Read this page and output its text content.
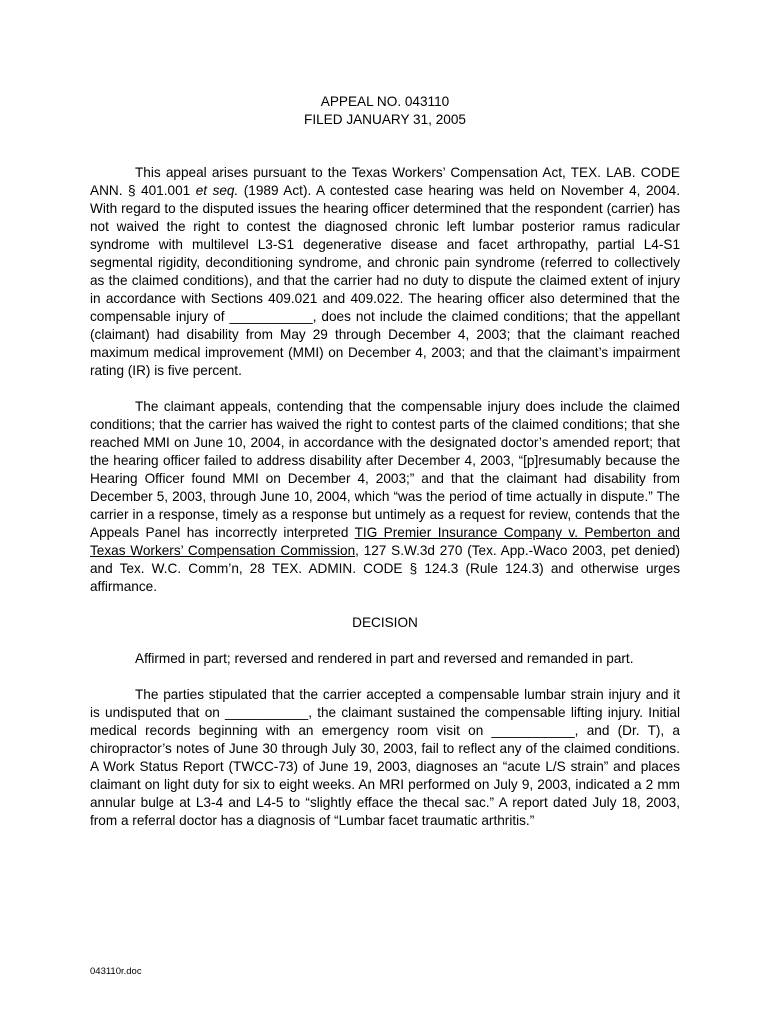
APPEAL NO. 043110
FILED JANUARY 31, 2005

This appeal arises pursuant to the Texas Workers’ Compensation Act, TEX. LAB. CODE ANN. § 401.001 et seq. (1989 Act). A contested case hearing was held on November 4, 2004. With regard to the disputed issues the hearing officer determined that the respondent (carrier) has not waived the right to contest the diagnosed chronic left lumbar posterior ramus radicular syndrome with multilevel L3-S1 degenerative disease and facet arthropathy, partial L4-S1 segmental rigidity, deconditioning syndrome, and chronic pain syndrome (referred to collectively as the claimed conditions), and that the carrier had no duty to dispute the claimed extent of injury in accordance with Sections 409.021 and 409.022. The hearing officer also determined that the compensable injury of ___________, does not include the claimed conditions; that the appellant (claimant) had disability from May 29 through December 4, 2003; that the claimant reached maximum medical improvement (MMI) on December 4, 2003; and that the claimant’s impairment rating (IR) is five percent.

The claimant appeals, contending that the compensable injury does include the claimed conditions; that the carrier has waived the right to contest parts of the claimed conditions; that she reached MMI on June 10, 2004, in accordance with the designated doctor’s amended report; that the hearing officer failed to address disability after December 4, 2003, “[p]resumably because the Hearing Officer found MMI on December 4, 2003;” and that the claimant had disability from December 5, 2003, through June 10, 2004, which “was the period of time actually in dispute.” The carrier in a response, timely as a response but untimely as a request for review, contends that the Appeals Panel has incorrectly interpreted TIG Premier Insurance Company v. Pemberton and Texas Workers’ Compensation Commission, 127 S.W.3d 270 (Tex. App.-Waco 2003, pet denied) and Tex. W.C. Comm’n, 28 TEX. ADMIN. CODE § 124.3 (Rule 124.3) and otherwise urges affirmance.

DECISION

Affirmed in part; reversed and rendered in part and reversed and remanded in part.

The parties stipulated that the carrier accepted a compensable lumbar strain injury and it is undisputed that on ___________, the claimant sustained the compensable lifting injury. Initial medical records beginning with an emergency room visit on ___________, and (Dr. T), a chiropractor’s notes of June 30 through July 30, 2003, fail to reflect any of the claimed conditions. A Work Status Report (TWCC-73) of June 19, 2003, diagnoses an “acute L/S strain” and places claimant on light duty for six to eight weeks. An MRI performed on July 9, 2003, indicated a 2 mm annular bulge at L3-4 and L4-5 to “slightly efface the thecal sac.” A report dated July 18, 2003, from a referral doctor has a diagnosis of “Lumbar facet traumatic arthritis.”

043110r.doc
